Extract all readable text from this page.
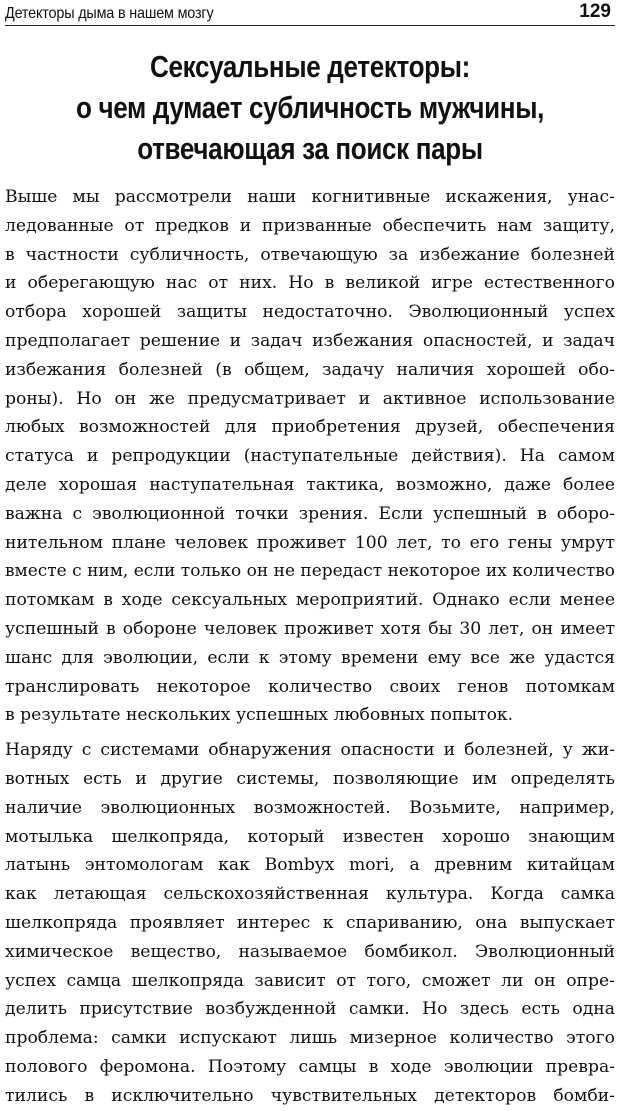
Детекторы дыма в нашем мозгу	129
Сексуальные детекторы:
о чем думает субличность мужчины,
отвечающая за поиск пары
Выше мы рассмотрели наши когнитивные искажения, унас-
ледованные от предков и призванные обеспечить нам защиту,
в частности субличность, отвечающую за избежание болезней
и оберегающую нас от них. Но в великой игре естественного
отбора хорошей защиты недостаточно. Эволюционный успех
предполагает решение и задач избежания опасностей, и задач
избежания болезней (в общем, задачу наличия хорошей обо-
роны). Но он же предусматривает и активное использование
любых возможностей для приобретения друзей, обеспечения
статуса и репродукции (наступательные действия). На самом
деле хорошая наступательная тактика, возможно, даже более
важна с эволюционной точки зрения. Если успешный в оборо-
нительном плане человек проживет 100 лет, то его гены умрут
вместе с ним, если только он не передаст некоторое их количество
потомкам в ходе сексуальных мероприятий. Однако если менее
успешный в обороне человек проживет хотя бы 30 лет, он имеет
шанс для эволюции, если к этому времени ему все же удастся
транслировать некоторое количество своих генов потомкам
в результате нескольких успешных любовных попыток.
Наряду с системами обнаружения опасности и болезней, у жи-
вотных есть и другие системы, позволяющие им определять
наличие эволюционных возможностей. Возьмите, например,
мотылька шелкопряда, который известен хорошо знающим
латынь энтомологам как Bombyx mori, а древним китайцам
как летающая сельскохозяйственная культура. Когда самка
шелкопряда проявляет интерес к спариванию, она выпускает
химическое вещество, называемое бомбикол. Эволюционный
успех самца шелкопряда зависит от того, сможет ли он опре-
делить присутствие возбужденной самки. Но здесь есть одна
проблема: самки испускают лишь мизерное количество этого
полового феромона. Поэтому самцы в ходе эволюции превра-
тились в исключительно чувствительных детекторов бомби-
